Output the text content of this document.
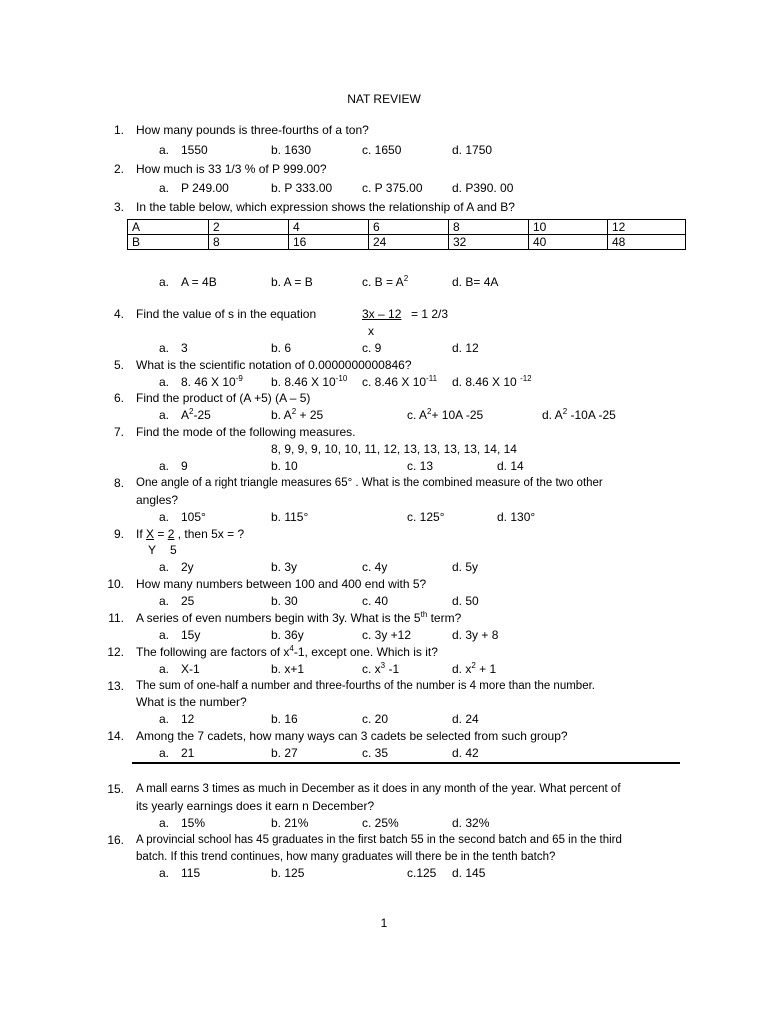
NAT REVIEW
1. How many pounds is three-fourths of a ton?
a. 1550	b. 1630	c. 1650	d. 1750
2. How much is 33 1/3 % of P 999.00?
a. P 249.00	b. P 333.00 c. P 375.00 d. P390. 00
3. In the table below, which expression shows the relationship of A and B?
A	2	4	6	8	10	12
B	8	16	24	32	40	48
a. A = 4B	b. A = B	c. $B = A^2$	d. B= 4A
4. Find the value of s in the equation	3x – 12 = 1 2/3
x
a. 3	b. 6	c. 9	d. 12
5. What is the scientific notation of 0.0000000000846?
a. 8. 46 X $10^{-9}$ b. 8.46 X $10^{-10}$ c. 8.46 X $10^{-11}$ d. 8.46 X 10 $^{-12}$
6. Find the product of (A +5) (A – 5)
a. $A^2-25$	b. $A^2 + 25$	c. $A^2+ 10A$ -25	d. $A^2$ -10A -25
7. Find the mode of the following measures.
8, 9, 9, 9, 10, 10, 11, 12, 13, 13, 13, 13, 14, 14
a. 9	b. 10	c. 13	d. 14
8. One angle of a right triangle measures 65° . What is the combined measure of the two other
angles?
a. 105°	b. 115°	c. 125°	d. 130°
9. If X = 2 , then 5x = ?
Y 5
a. 2y	b. 3y	c. 4y	d. 5y
10. How many numbers between 100 and 400 end with 5?
a. 25	b. 30	c. 40	d. 50
11. A series of even numbers begin with 3y. What is the 5th term?
a. 15y	b. 36y	c. 3y +12	d. 3y + 8
12. The following are factors of $x^4-1$, except one. Which is it?
a. X-1	b. x+1	c. $x^3$ -1	d. $x^2 + 1$
13. The sum of one-half a number and three-fourths of the number is 4 more than the number.
What is the number?
a. 12	b. 16	c. 20	d. 24
14. Among the 7 cadets, how many ways can 3 cadets be selected from such group?
a. 21	b. 27	c. 35	d. 42
15. A mall earns 3 times as much in December as it does in any month of the year. What percent of
its yearly earnings does it earn n December?
a. 15%	b. 21%	c. 25%	d. 32%
16. A provincial school has 45 graduates in the first batch 55 in the second batch and 65 in the third
batch. If this trend continues, how many graduates will there be in the tenth batch?
a. 115	b. 125	c.125 d. 145
1
